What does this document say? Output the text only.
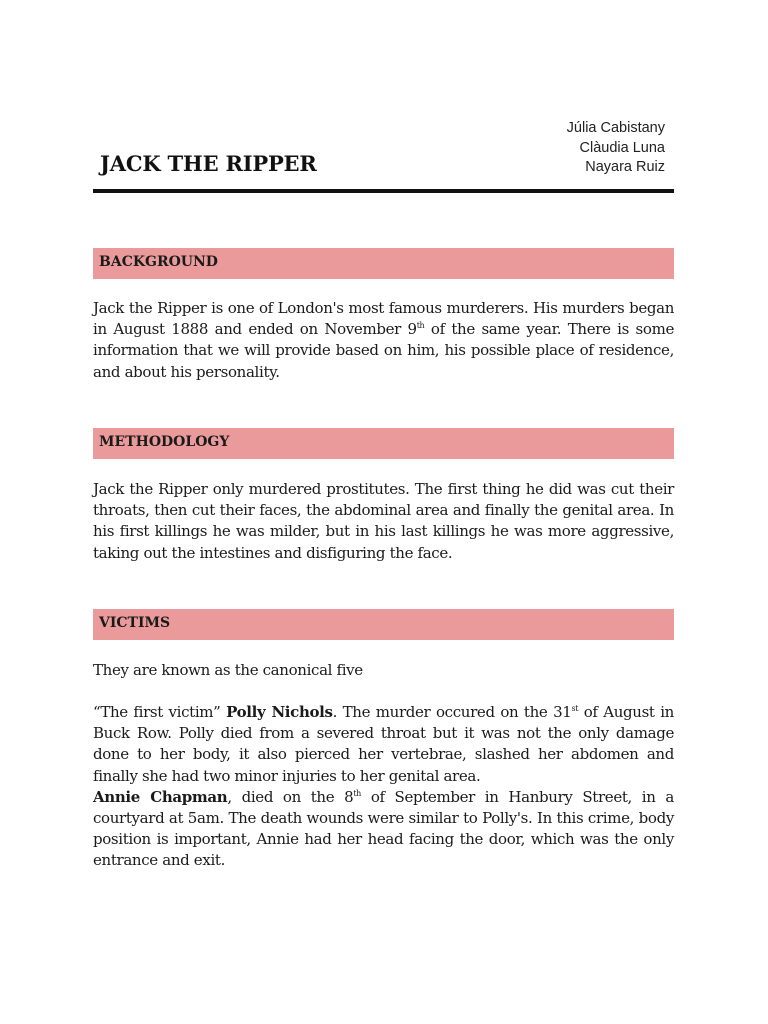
Júlia Cabistany
Clàudia Luna
Nayara Ruiz
JACK THE RIPPER
BACKGROUND

Jack the Ripper is one of London's most famous murderers. His murders began in August 1888 and ended on November 9th of the same year. There is some information that we will provide based on him, his possible place of residence, and about his personality.

METHODOLOGY

Jack the Ripper only murdered prostitutes. The first thing he did was cut their throats, then cut their faces, the abdominal area and finally the genital area. In his first killings he was milder, but in his last killings he was more aggressive, taking out the intestines and disfiguring the face.

VICTIMS

They are known as the canonical five

“The first victim” Polly Nichols. The murder occured on the 31st of August in Buck Row. Polly died from a severed throat but it was not the only damage done to her body, it also pierced her vertebrae, slashed her abdomen and finally she had two minor injuries to her genital area.
Annie Chapman, died on the 8th of September in Hanbury Street, in a courtyard at 5am. The death wounds were similar to Polly's. In this crime, body position is important, Annie had her head facing the door, which was the only entrance and exit.
